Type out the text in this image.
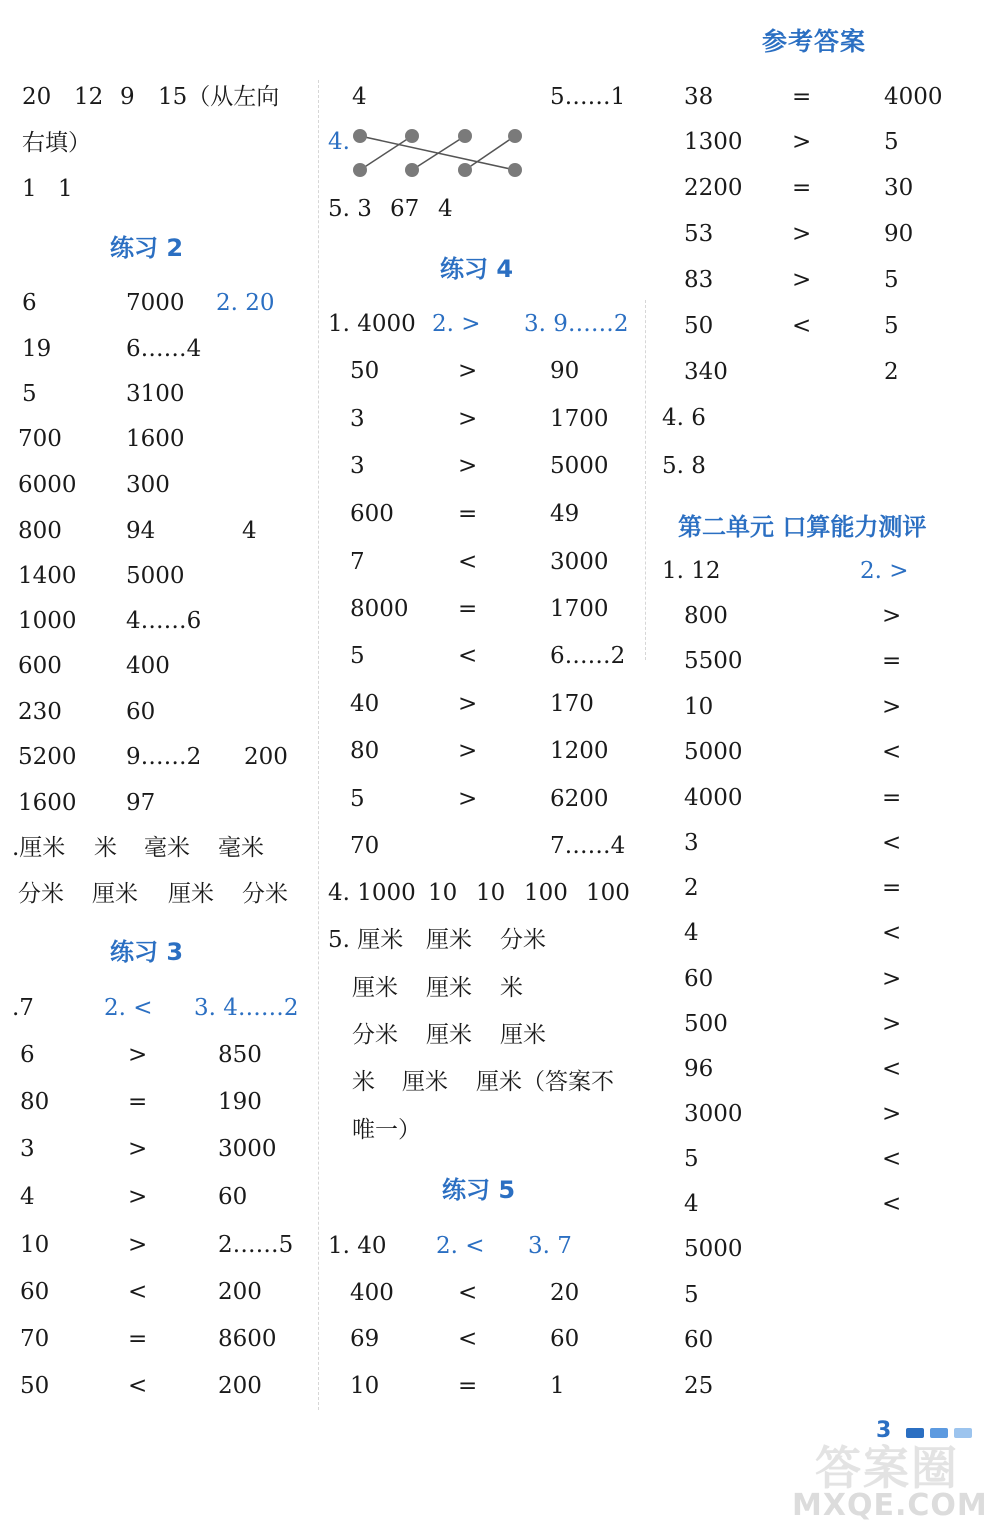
参考答案
20 12 9 15（从左向
右填）
1 1
练习 2
6	7000 2. 20
19	6……4
5	3100
700	1600
6000 300
800	94	4
1400 5000
1000 4……6
600	400
230	60
5200 9……2 200
1600 97
.厘米 米 毫米 毫米
分米 厘米 厘米 分米
练习 3
.7	2. < 3. 4……2
6	>	850
80	=	190
3	>	3000
4	>	60
10	>	2……5
60	<	200
70	=	8600
50	<	200
4	5……1
4.
5. 3 67 4
练习 4
1. 4000 2. > 3. 9……2
50	>	90
3	>	1700
3	>	5000
600	=	49
7	<	3000
8000 =	1700
5	<	6……2
40	>	170
80	>	1200
5	>	6200
70	7……4
4. 1000 10 10 100 100
5. 厘米 厘米 分米
厘米 厘米 米
分米 厘米 厘米
米 厘米 厘米（答案不
唯一）
练习 5
1. 40 2. < 3. 7
400	<	20
69	<	60
10	=	1
38	=	4000
1300 >	5
2200 =	30
53	>	90
83	>	5
50	<	5
340	2
4. 6
5. 8
第二单元 口算能力测评
1. 12	2. >
800	>
5500	=
10	>
5000	<
4000	=
3	<
2	=
4	<
60	>
500	>
96	<
3000	>
5	<
4	<
5000
5
60
25
3
答案圈
MXQE.COM
